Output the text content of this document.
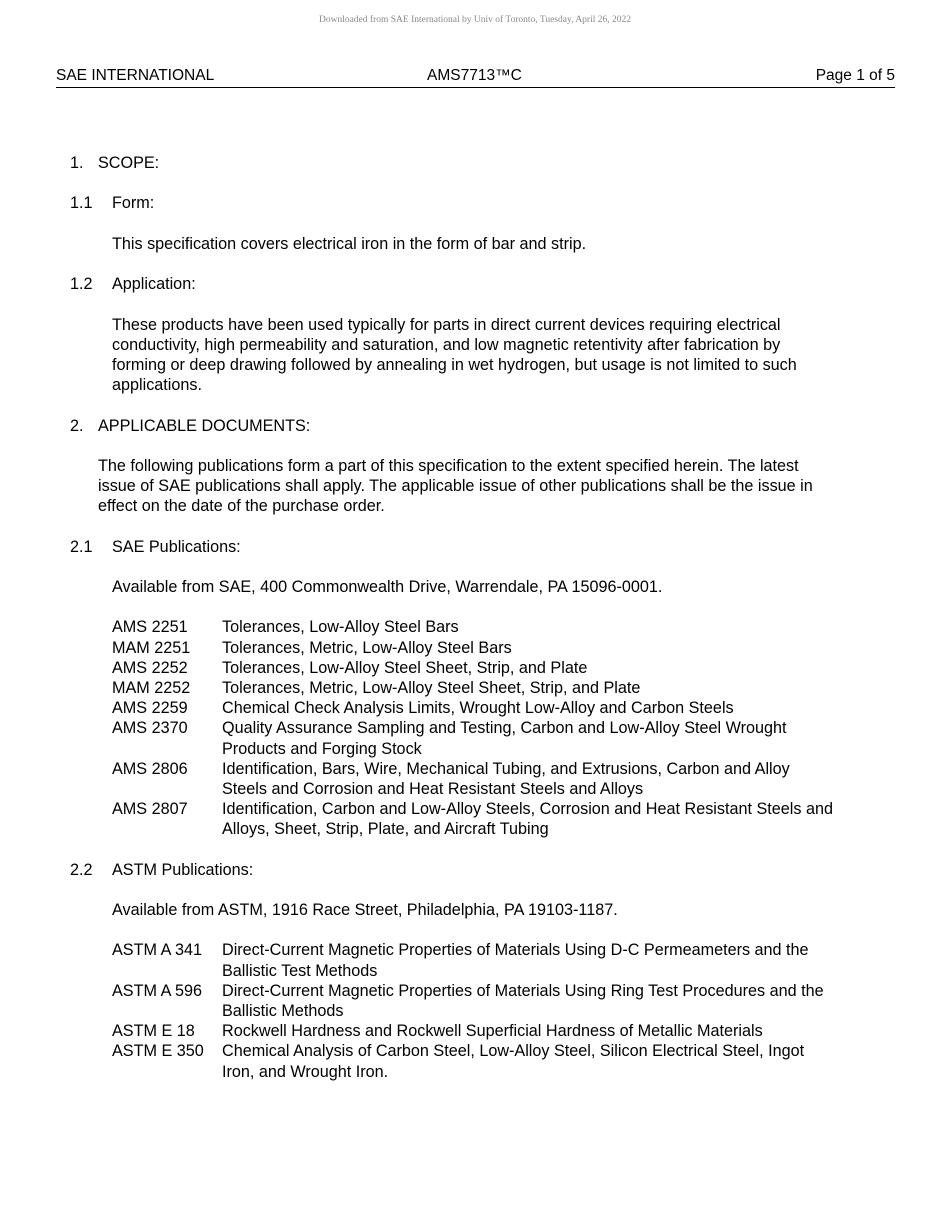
Downloaded from SAE International by Univ of Toronto, Tuesday, April 26, 2022
SAE INTERNATIONAL	AMS7713™C	Page 1 of 5
1. SCOPE:
1.1 Form:

This specification covers electrical iron in the form of bar and strip.

1.2 Application:

These products have been used typically for parts in direct current devices requiring electrical

conductivity, high permeability and saturation, and low magnetic retentivity after fabrication by

forming or deep drawing followed by annealing in wet hydrogen, but usage is not limited to such

applications.

2. APPLICABLE DOCUMENTS:

The following publications form a part of this specification to the extent specified herein. The latest

issue of SAE publications shall apply. The applicable issue of other publications shall be the issue in

effect on the date of the purchase order.

2.1 SAE Publications:

Available from SAE, 400 Commonwealth Drive, Warrendale, PA 15096-0001.

AMS 2251 Tolerances, Low-Alloy Steel Bars
MAM 2251 Tolerances, Metric, Low-Alloy Steel Bars
AMS 2252 Tolerances, Low-Alloy Steel Sheet, Strip, and Plate
MAM 2252 Tolerances, Metric, Low-Alloy Steel Sheet, Strip, and Plate
AMS 2259 Chemical Check Analysis Limits, Wrought Low-Alloy and Carbon Steels
AMS 2370 Quality Assurance Sampling and Testing, Carbon and Low-Alloy Steel Wrought
Products and Forging Stock
AMS 2806 Identification, Bars, Wire, Mechanical Tubing, and Extrusions, Carbon and Alloy
Steels and Corrosion and Heat Resistant Steels and Alloys
AMS 2807 Identification, Carbon and Low-Alloy Steels, Corrosion and Heat Resistant Steels and
Alloys, Sheet, Strip, Plate, and Aircraft Tubing
2.2 ASTM Publications:

Available from ASTM, 1916 Race Street, Philadelphia, PA 19103-1187.

ASTM A 341 Direct-Current Magnetic Properties of Materials Using D-C Permeameters and the
Ballistic Test Methods
ASTM A 596 Direct-Current Magnetic Properties of Materials Using Ring Test Procedures and the
Ballistic Methods
ASTM E 18 Rockwell Hardness and Rockwell Superficial Hardness of Metallic Materials
ASTM E 350 Chemical Analysis of Carbon Steel, Low-Alloy Steel, Silicon Electrical Steel, Ingot
Iron, and Wrought Iron.
